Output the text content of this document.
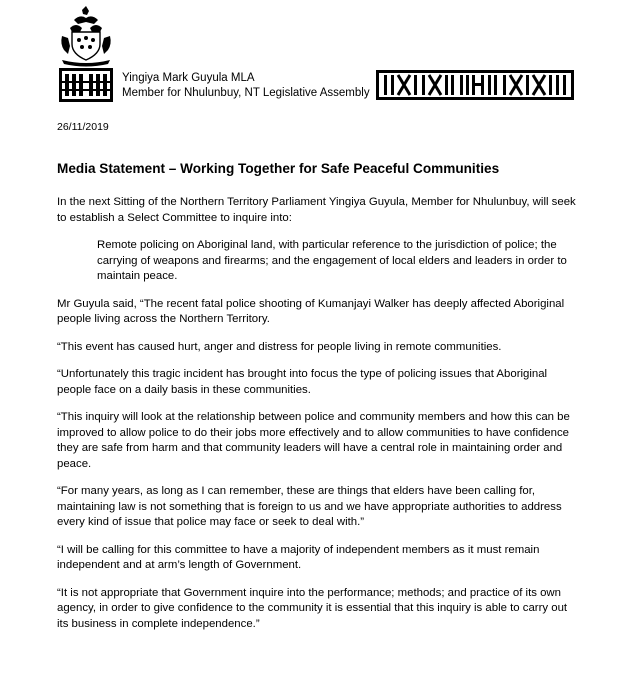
Yingiya Mark Guyula MLA
Member for Nhulunbuy, NT Legislative Assembly
26/11/2019
Media Statement – Working Together for Safe Peaceful Communities

In the next Sitting of the Northern Territory Parliament Yingiya Guyula, Member for Nhulunbuy, will seek to establish a Select Committee to inquire into:

Remote policing on Aboriginal land, with particular reference to the jurisdiction of police; the carrying of weapons and firearms; and the engagement of local elders and leaders in order to maintain peace.

Mr Guyula said, “The recent fatal police shooting of Kumanjayi Walker has deeply affected Aboriginal people living across the Northern Territory.

“This event has caused hurt, anger and distress for people living in remote communities.

“Unfortunately this tragic incident has brought into focus the type of policing issues that Aboriginal people face on a daily basis in these communities.

“This inquiry will look at the relationship between police and community members and how this can be improved to allow police to do their jobs more effectively and to allow communities to have confidence they are safe from harm and that community leaders will have a central role in maintaining order and peace.

“For many years, as long as I can remember, these are things that elders have been calling for, maintaining law is not something that is foreign to us and we have appropriate authorities to address every kind of issue that police may face or seek to deal with.”

“I will be calling for this committee to have a majority of independent members as it must remain independent and at arm’s length of Government.

“It is not appropriate that Government inquire into the performance; methods; and practice of its own agency, in order to give confidence to the community it is essential that this inquiry is able to carry out its business in complete independence.”
